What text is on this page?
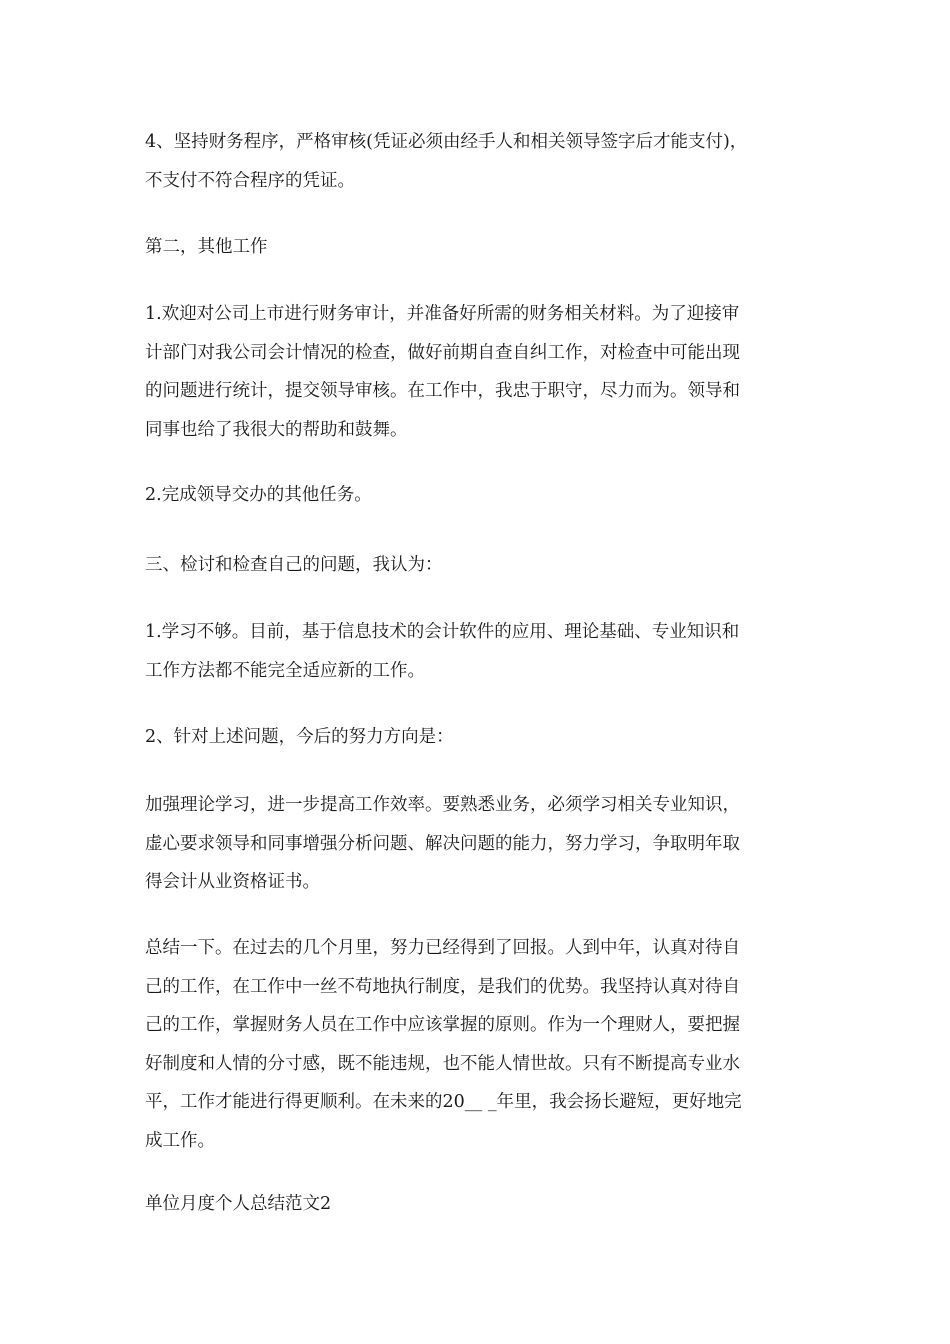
4、坚持财务程序，严格审核(凭证必须由经手人和相关领导签字后才能支付)，
不支付不符合程序的凭证。

第二，其他工作

1.欢迎对公司上市进行财务审计，并准备好所需的财务相关材料。为了迎接审
计部门对我公司会计情况的检查，做好前期自查自纠工作，对检查中可能出现
的问题进行统计，提交领导审核。在工作中，我忠于职守，尽力而为。领导和
同事也给了我很大的帮助和鼓舞。

2.完成领导交办的其他任务。

三、检讨和检查自己的问题，我认为：

1.学习不够。目前，基于信息技术的会计软件的应用、理论基础、专业知识和
工作方法都不能完全适应新的工作。

2、针对上述问题，今后的努力方向是：

加强理论学习，进一步提高工作效率。要熟悉业务，必须学习相关专业知识，
虚心要求领导和同事增强分析问题、解决问题的能力，努力学习，争取明年取
得会计从业资格证书。

总结一下。在过去的几个月里，努力已经得到了回报。人到中年，认真对待自
己的工作，在工作中一丝不苟地执行制度，是我们的优势。我坚持认真对待自
己的工作，掌握财务人员在工作中应该掌握的原则。作为一个理财人，要把握
好制度和人情的分寸感，既不能违规，也不能人情世故。只有不断提高专业水
平，工作才能进行得更顺利。在未来的20__ _年里，我会扬长避短，更好地完
成工作。

单位月度个人总结范文2
